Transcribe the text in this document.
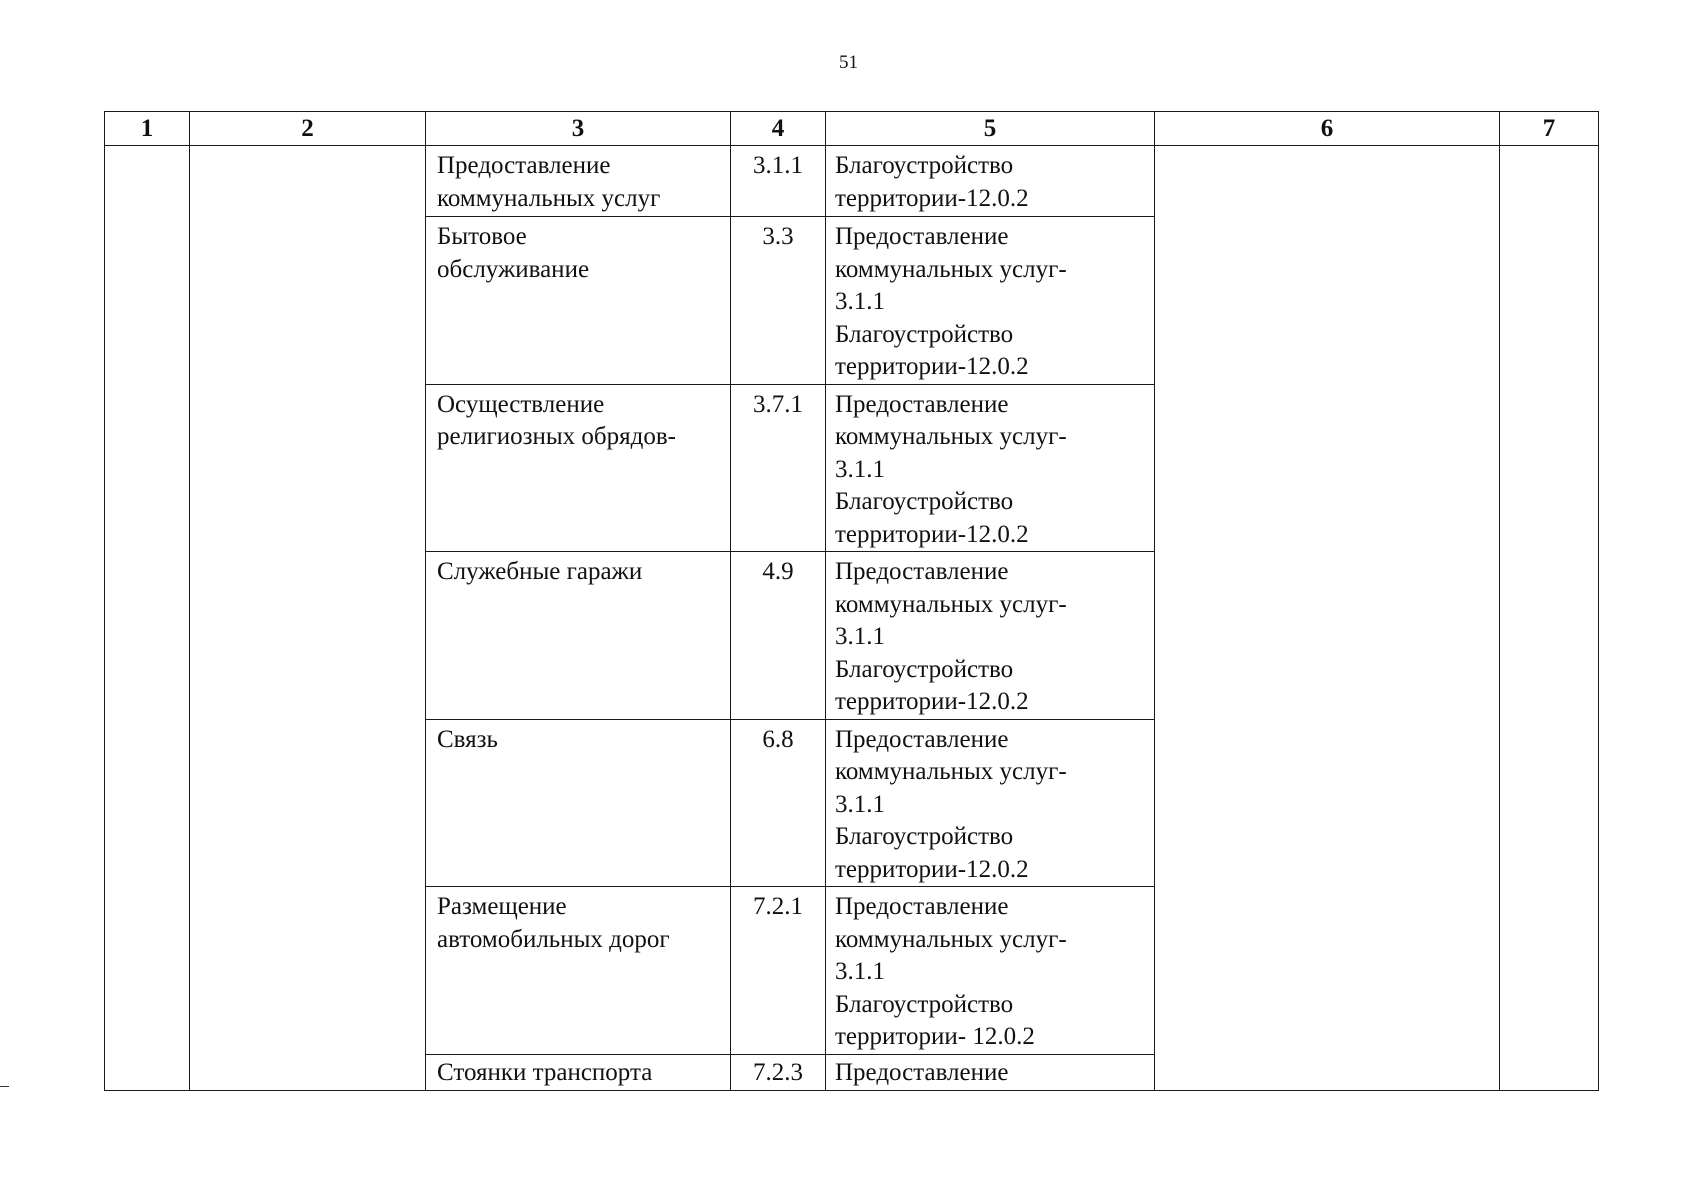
51
1	2	3	4	5	6	7

		Предоставление
коммунальных услуг	3.1.1	Благоустройство
территории-12.0.2		

		Бытовое
обслуживание	3.3	Предоставление
коммунальных услуг-
3.1.1
Благоустройство
территории-12.0.2		

		Осуществление
религиозных обрядов-	3.7.1	Предоставление
коммунальных услуг-
3.1.1
Благоустройство
территории-12.0.2		

		Служебные гаражи	4.9	Предоставление
коммунальных услуг-
3.1.1
Благоустройство
территории-12.0.2		

		Связь	6.8	Предоставление
коммунальных услуг-
3.1.1
Благоустройство
территории-12.0.2		

		Размещение
автомобильных дорог	7.2.1	Предоставление
коммунальных услуг-
3.1.1
Благоустройство
территории- 12.0.2		

		Стоянки транспорта	7.2.3	Предоставление		
